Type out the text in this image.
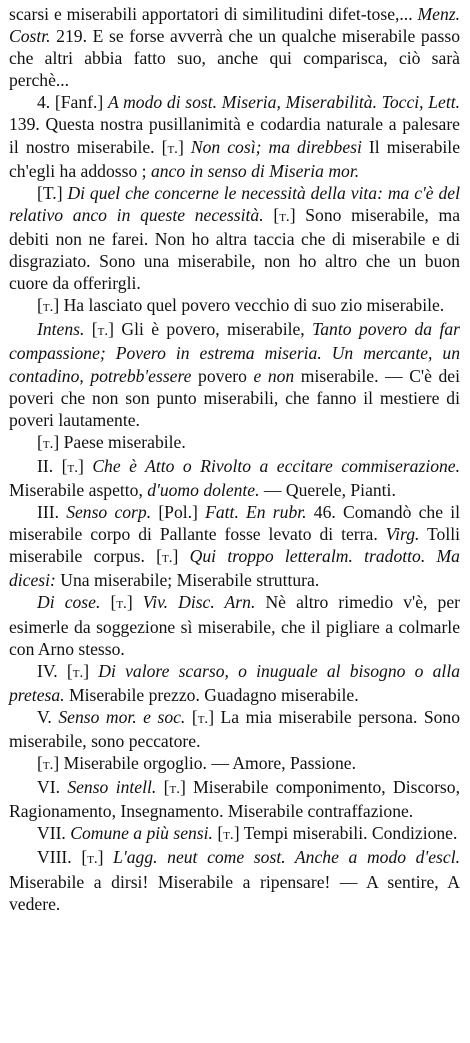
scarsi e miserabili apportatori di similitudini difet-tose,... Menz. Costr. 219. E se forse avverrà che un qualche miserabile passo che altri abbia fatto suo, anche qui comparisca, ciò sarà perchè...

4. [Fanf.] A modo di sost. Miseria, Miserabilità. Tocci, Lett. 139. Questa nostra pusillanimità e codardia naturale a palesare il nostro miserabile. [t.] Non così; ma direbbesi Il miserabile ch'egli ha addosso ; anco in senso di Miseria mor.

[T.] Di quel che concerne le necessità della vita: ma c'è del relativo anco in queste necessità. [t.] Sono miserabile, ma debiti non ne farei. Non ho altra taccia che di miserabile e di disgraziato. Sono una miserabile, non ho altro che un buon cuore da offerirgli.

[t.] Ha lasciato quel povero vecchio di suo zio miserabile.

Intens. [t.] Gli è povero, miserabile, Tanto povero da far compassione; Povero in estrema miseria. Un mercante, un contadino, potrebb'essere povero e non miserabile. — C'è dei poveri che non son punto miserabili, che fanno il mestiere di poveri lautamente.

[t.] Paese miserabile.

II. [t.] Che è Atto o Rivolto a eccitare commiserazione. Miserabile aspetto, d'uomo dolente. — Querele, Pianti.

III. Senso corp. [Pol.] Fatt. En rubr. 46. Comandò che il miserabile corpo di Pallante fosse levato di terra. Virg. Tolli miserabile corpus. [t.] Qui troppo letteralm. tradotto. Ma dicesi: Una miserabile; Miserabile struttura.

Di cose. [t.] Viv. Disc. Arn. Nè altro rimedio v'è, per esimerle da soggezione sì miserabile, che il pigliare a colmarle con Arno stesso.

IV. [t.] Di valore scarso, o inuguale al bisogno o alla pretesa. Miserabile prezzo. Guadagno miserabile.

V. Senso mor. e soc. [t.] La mia miserabile persona. Sono miserabile, sono peccatore.

[t.] Miserabile orgoglio. — Amore, Passione.

VI. Senso intell. [t.] Miserabile componimento, Discorso, Ragionamento, Insegnamento. Miserabile contraffazione.

VII. Comune a più sensi. [t.] Tempi miserabili. Condizione.

VIII. [t.] L'agg. neut come sost. Anche a modo d'escl. Miserabile a dirsi! Miserabile a ripensare! — A sentire, A vedere.
